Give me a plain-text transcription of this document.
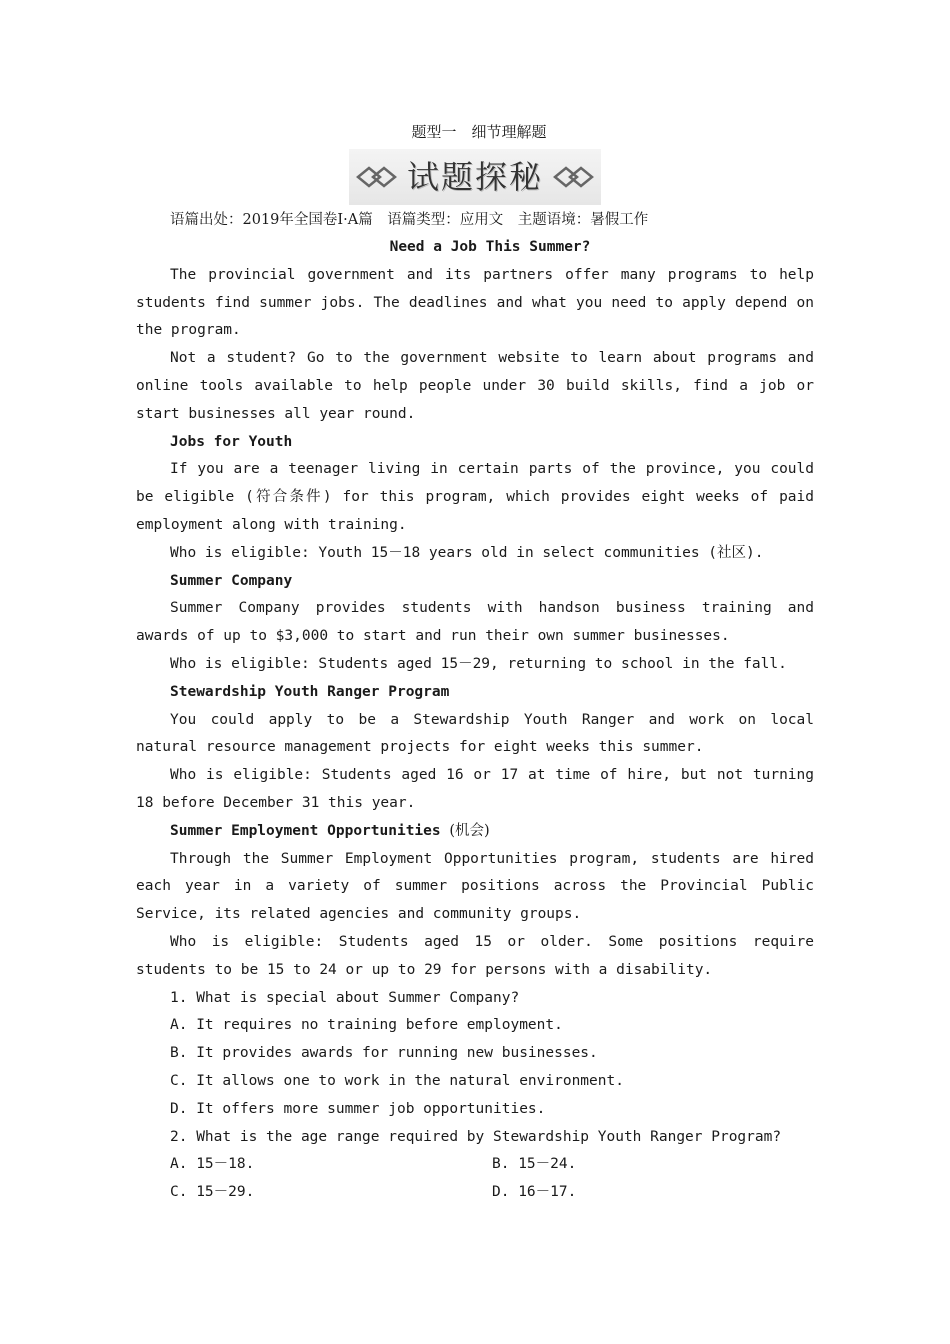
题型一　细节理解题
试题探秘
语篇出处：2019年全国卷Ⅰ·A篇　语篇类型：应用文　主题语境：暑假工作
Need a Job This Summer?

The provincial government and its partners offer many programs to help students find summer jobs. The deadlines and what you need to apply depend on the program.

Not a student? Go to the government website to learn about programs and online tools available to help people under 30 build skills, find a job or start businesses all year round.

Jobs for Youth

If you are a teenager living in certain parts of the province, you could be eligible (符合条件) for this program, which provides eight weeks of paid employment along with training.

Who is eligible: Youth 15－18 years old in select communities (社区).

Summer Company

Summer Company provides students with handson business training and awards of up to $3,000 to start and run their own summer businesses.

Who is eligible: Students aged 15－29, returning to school in the fall.

Stewardship Youth Ranger Program

You could apply to be a Stewardship Youth Ranger and work on local natural resource management projects for eight weeks this summer.

Who is eligible: Students aged 16 or 17 at time of hire, but not turning 18 before December 31 this year.

Summer Employment Opportunities (机会)

Through the Summer Employment Opportunities program, students are hired each year in a variety of summer positions across the Provincial Public Service, its related agencies and community groups.

Who is eligible: Students aged 15 or older. Some positions require students to be 15 to 24 or up to 29 for persons with a disability.

1. What is special about Summer Company?
A. It requires no training before employment.
B. It provides awards for running new businesses.
C. It allows one to work in the natural environment.
D. It offers more summer job opportunities.
2. What is the age range required by Stewardship Youth Ranger Program?
A. 15－18.	B. 15－24.
C. 15－29.	D. 16－17.
